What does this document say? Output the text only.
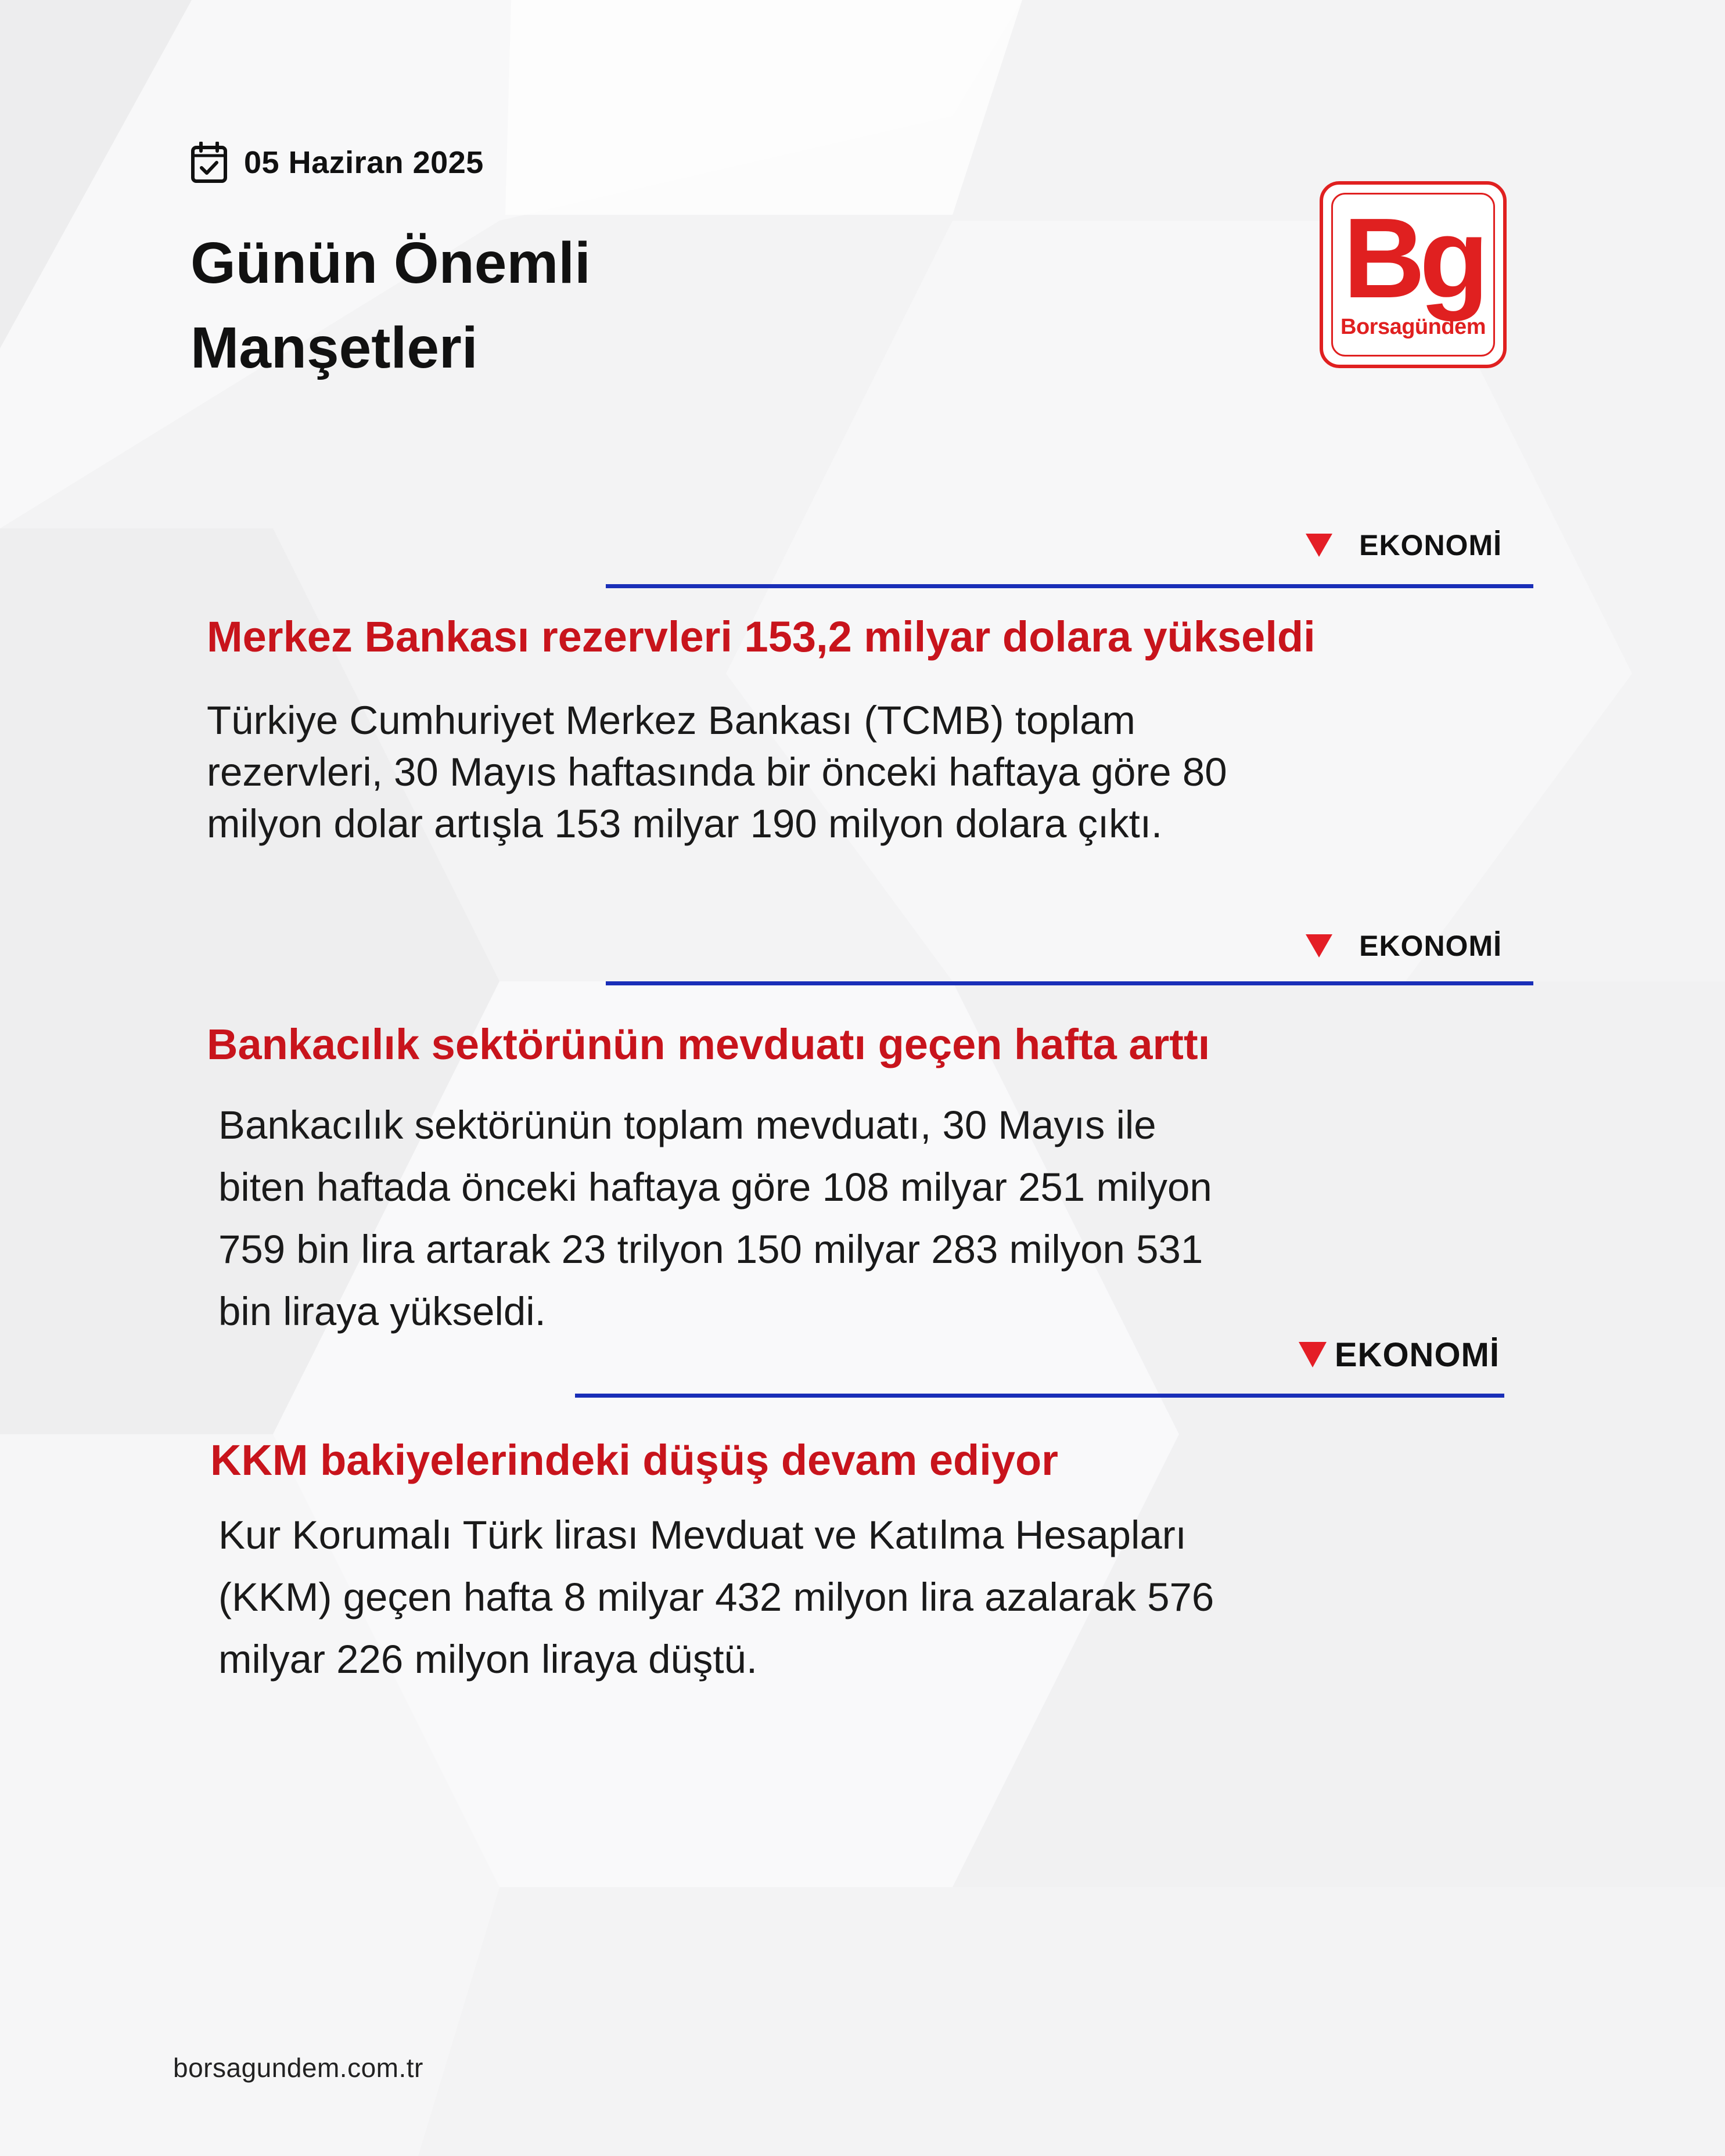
05 Haziran 2025
Günün Önemli
Manşetleri
Bg
Borsagündem
EKONOMİ
Merkez Bankası rezervleri 153,2 milyar dolara yükseldi
Türkiye Cumhuriyet Merkez Bankası (TCMB) toplam
rezervleri, 30 Mayıs haftasında bir önceki haftaya göre 80
milyon dolar artışla 153 milyar 190 milyon dolara çıktı.
EKONOMİ
Bankacılık sektörünün mevduatı geçen hafta arttı
Bankacılık sektörünün toplam mevduatı, 30 Mayıs ile
biten haftada önceki haftaya göre 108 milyar 251 milyon
759 bin lira artarak 23 trilyon 150 milyar 283 milyon 531
bin liraya yükseldi.
EKONOMİ
KKM bakiyelerindeki düşüş devam ediyor
Kur Korumalı Türk lirası Mevduat ve Katılma Hesapları
(KKM) geçen hafta 8 milyar 432 milyon lira azalarak 576
milyar 226 milyon liraya düştü.
borsagundem.com.tr
